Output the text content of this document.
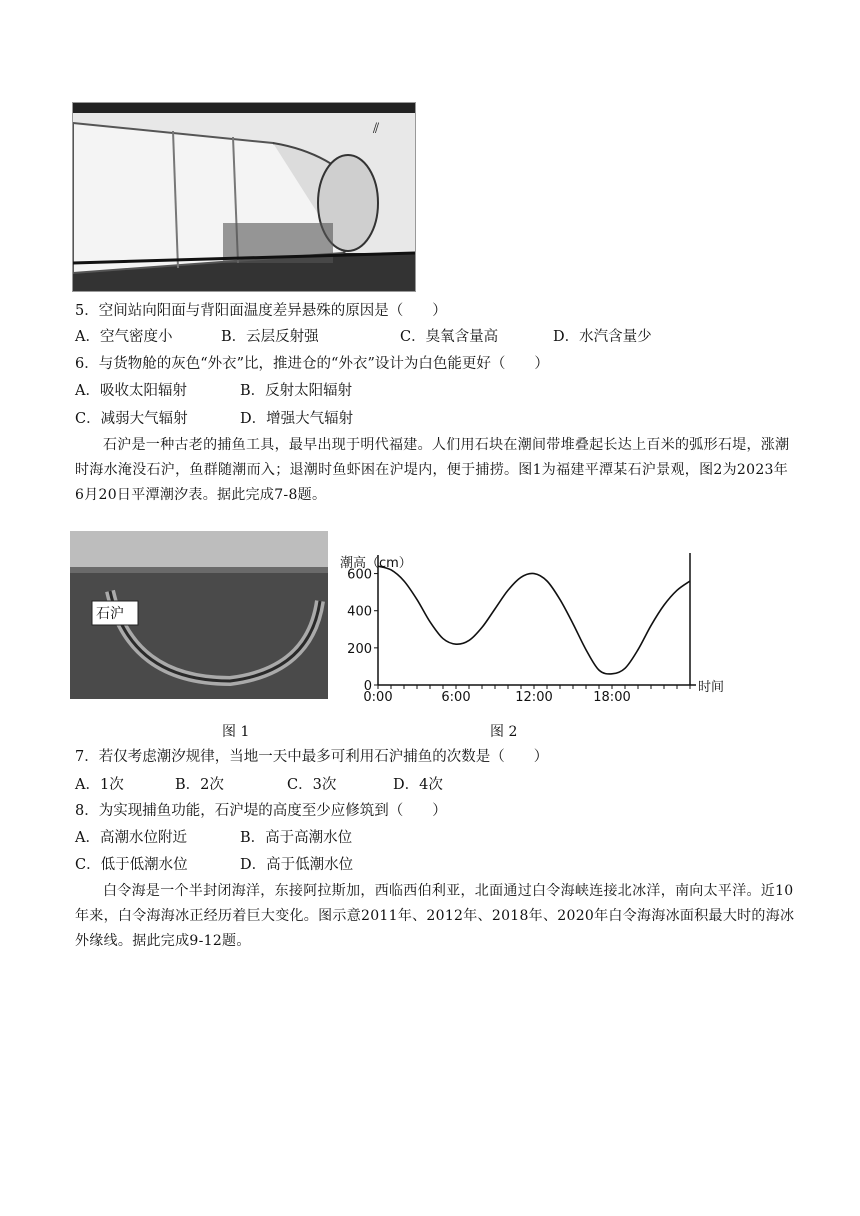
⫽
5．空间站向阳面与背阳面温度差异悬殊的原因是（　　）
A．空气密度小	B．云层反射强	C．臭氧含量高	D．水汽含量少
6．与货物舱的灰色“外衣”比，推进仓的“外衣”设计为白色能更好（　　）
A．吸收太阳辐射	B．反射太阳辐射
C．减弱大气辐射	D．增强大气辐射
石沪是一种古老的捕鱼工具，最早出现于明代福建。人们用石块在潮间带堆叠起长达上百米的弧形石堤，涨潮时海水淹没石沪，鱼群随潮而入；退潮时鱼虾困在沪堤内，便于捕捞。图1为福建平潭某石沪景观，图2为2023年6月20日平潭潮汐表。据此完成7-8题。
石沪
0
200
400
600
0:00	6:00	12:00	18:00
潮高（cm）
时间
图 1	图 2
7．若仅考虑潮汐规律，当地一天中最多可利用石沪捕鱼的次数是（　　）
A．1次	B．2次	C．3次	D．4次
8．为实现捕鱼功能，石沪堤的高度至少应修筑到（　　）
A．高潮水位附近	B．高于高潮水位
C．低于低潮水位	D．高于低潮水位
白令海是一个半封闭海洋，东接阿拉斯加，西临西伯利亚，北面通过白令海峡连接北冰洋，南向太平洋。近10年来，白令海海冰正经历着巨大变化。图示意2011年、2012年、2018年、2020年白令海海冰面积最大时的海冰外缘线。据此完成9-12题。
